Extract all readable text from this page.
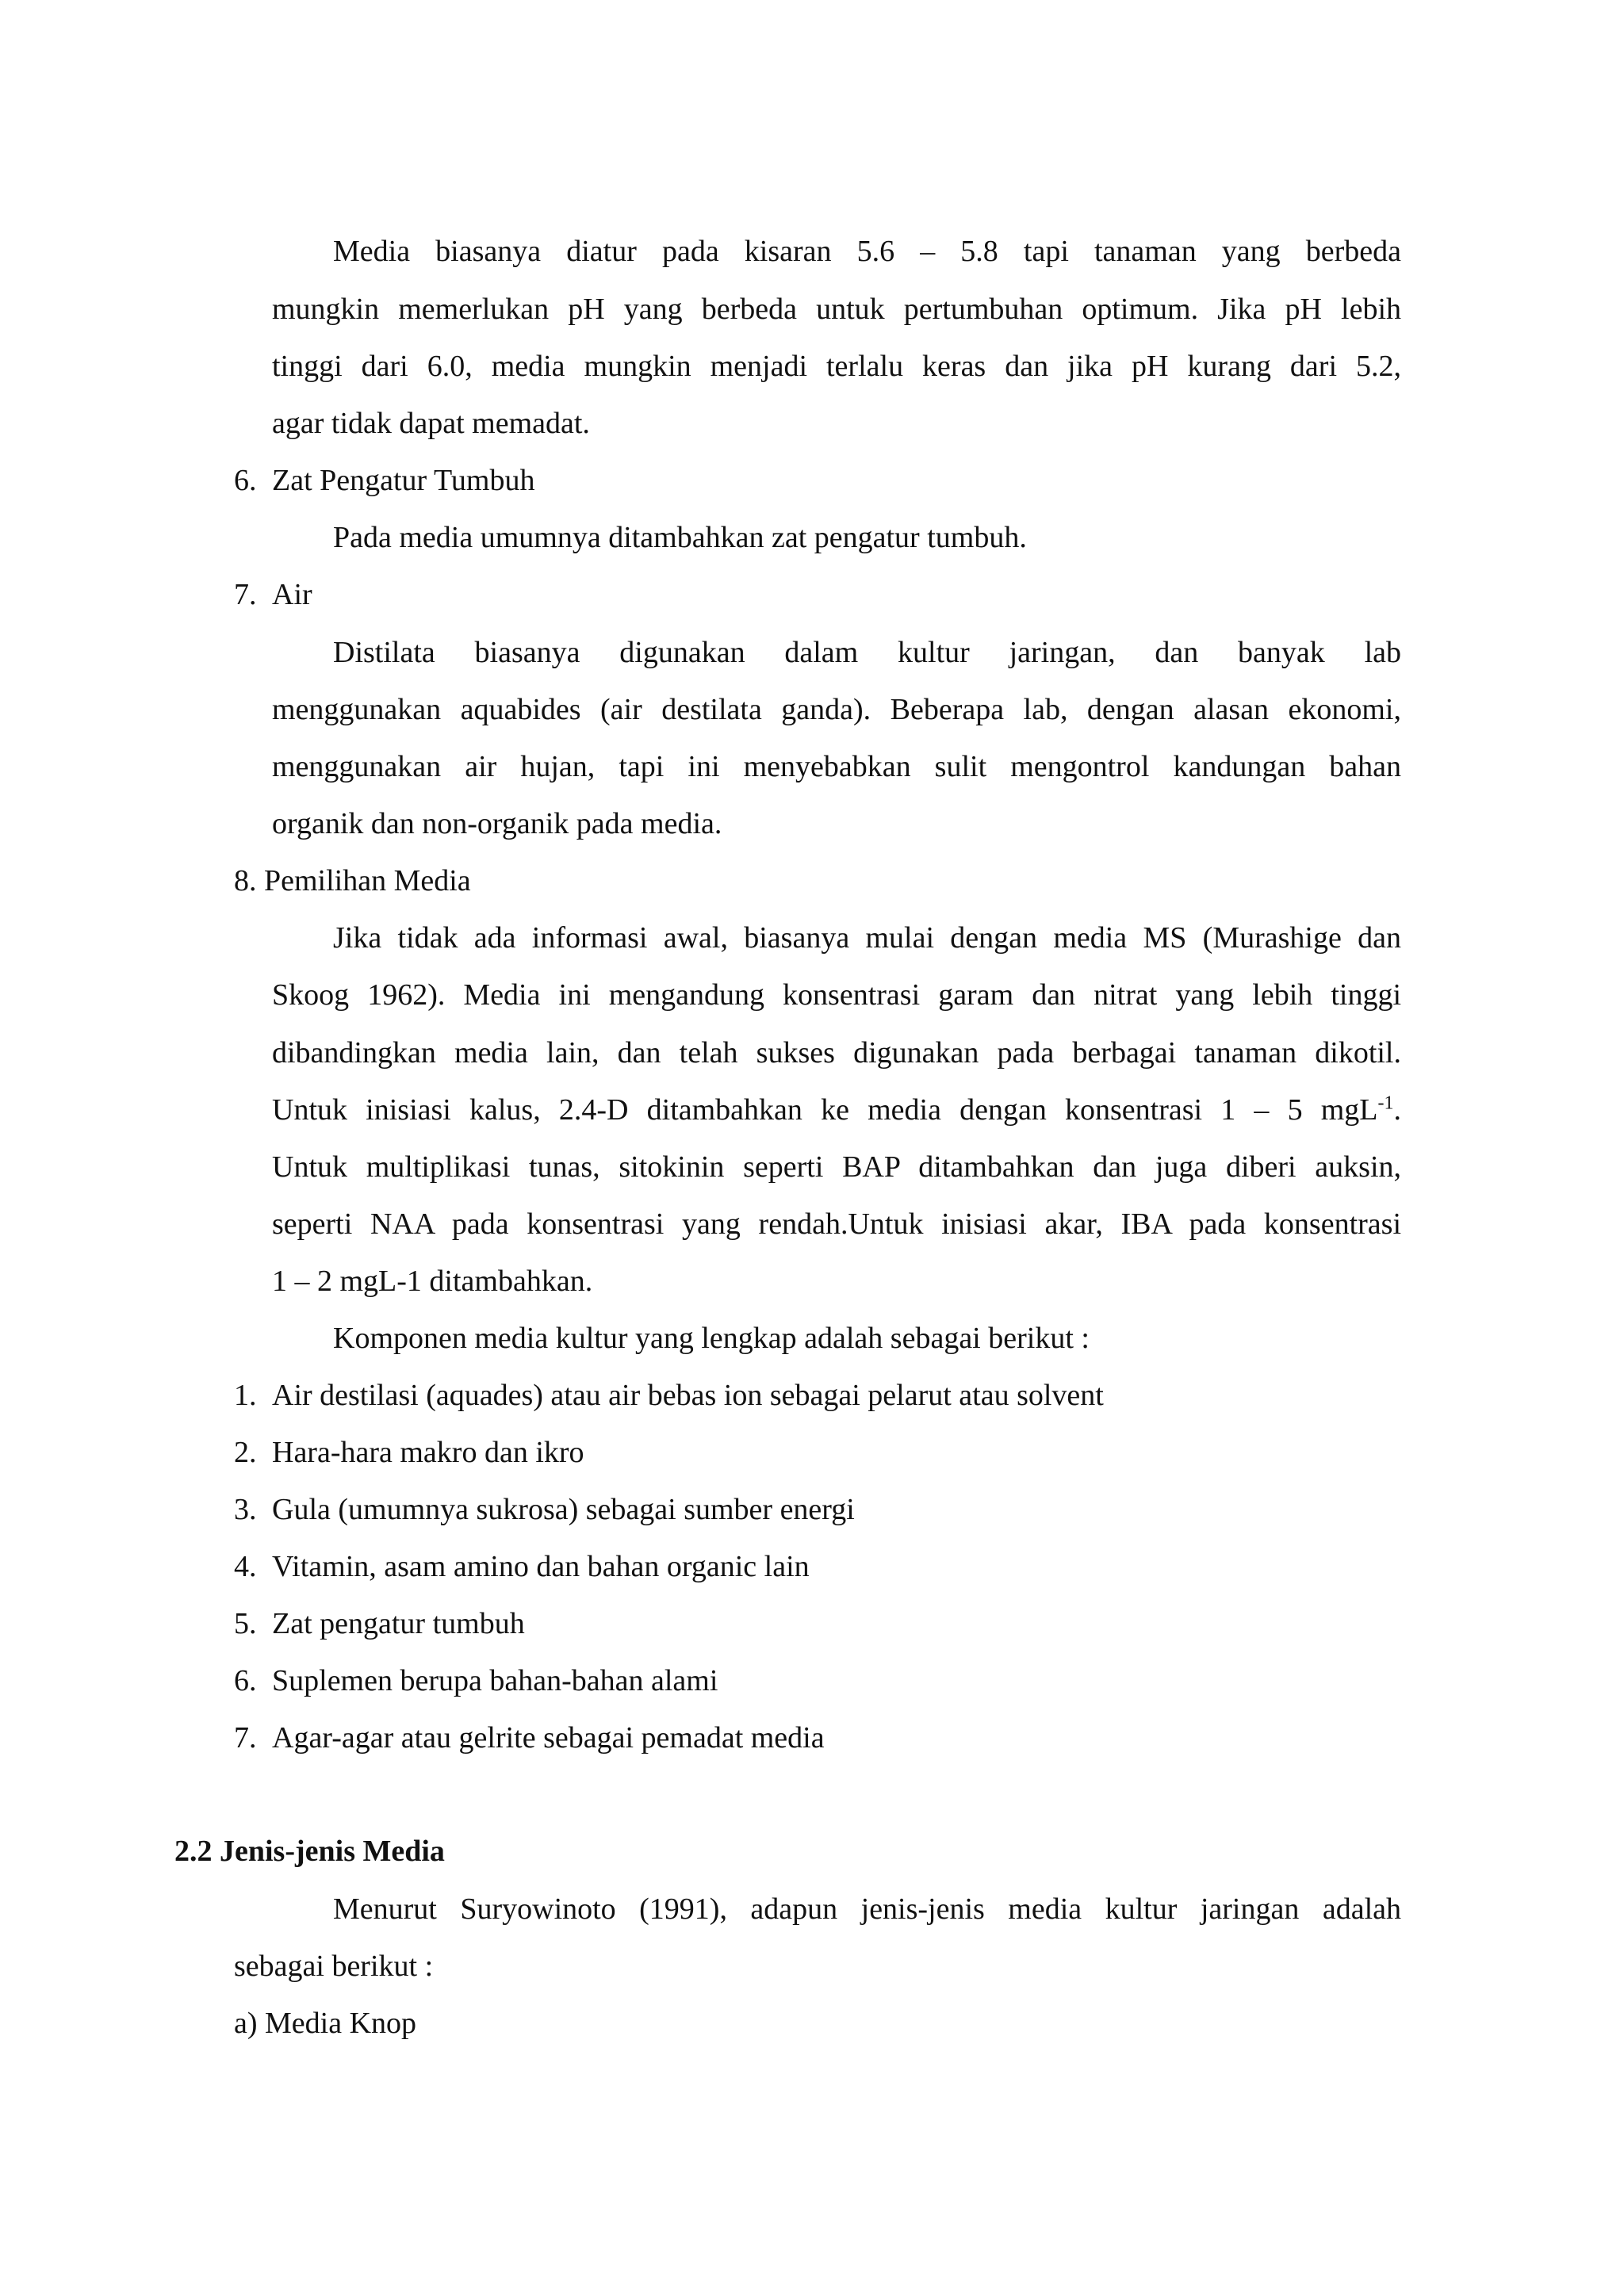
Media biasanya diatur pada kisaran 5.6 – 5.8 tapi tanaman yang berbeda
mungkin memerlukan pH yang berbeda untuk pertumbuhan optimum. Jika pH lebih
tinggi dari 6.0, media mungkin menjadi terlalu keras dan jika pH kurang dari 5.2,
agar tidak dapat memadat.
6. Zat Pengatur Tumbuh
Pada media umumnya ditambahkan zat pengatur tumbuh.
7. Air
Distilata biasanya digunakan dalam kultur jaringan, dan banyak lab
menggunakan aquabides (air destilata ganda). Beberapa lab, dengan alasan ekonomi,
menggunakan air hujan, tapi ini menyebabkan sulit mengontrol kandungan bahan
organik dan non-organik pada media.
8. Pemilihan Media
Jika tidak ada informasi awal, biasanya mulai dengan media MS (Murashige dan
Skoog 1962). Media ini mengandung konsentrasi garam dan nitrat yang lebih tinggi
dibandingkan media lain, dan telah sukses digunakan pada berbagai tanaman dikotil.
Untuk inisiasi kalus, 2.4-D ditambahkan ke media dengan konsentrasi 1 – 5 mgL$^{-1}$.
Untuk multiplikasi tunas, sitokinin seperti BAP ditambahkan dan juga diberi auksin,
seperti NAA pada konsentrasi yang rendah.Untuk inisiasi akar, IBA pada konsentrasi
1 – 2 mgL-1 ditambahkan.
Komponen media kultur yang lengkap adalah sebagai berikut :
1. Air destilasi (aquades) atau air bebas ion sebagai pelarut atau solvent
2. Hara-hara makro dan ikro
3. Gula (umumnya sukrosa) sebagai sumber energi
4. Vitamin, asam amino dan bahan organic lain
5. Zat pengatur tumbuh
6. Suplemen berupa bahan-bahan alami
7. Agar-agar atau gelrite sebagai pemadat media
2.2 Jenis-jenis Media
Menurut Suryowinoto (1991), adapun jenis-jenis media kultur jaringan adalah
sebagai berikut :
a) Media Knop
